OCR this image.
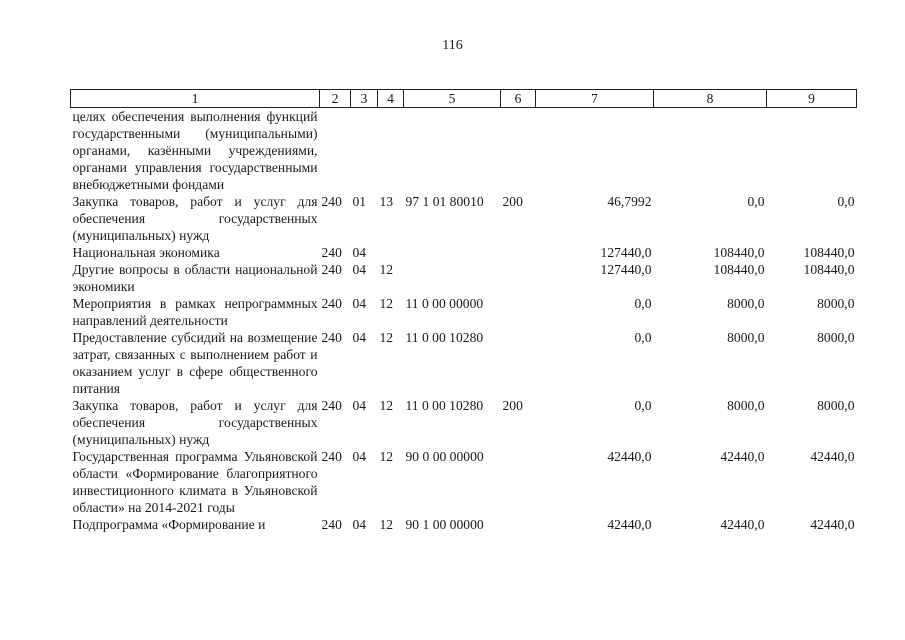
116
1	2	3	4	5	6	7	8	9
целях обеспечения выполнения функций государственными (муниципальными) органами, казёнными учреждениями, органами управления государственными внебюджетными фондами								
Закупка товаров, работ и услуг для обеспечения государственных (муниципальных) нужд	240	01	13	97 1 01 80010	200	46,7992	0,0	0,0
Национальная экономика	240	04				127440,0	108440,0	108440,0
Другие вопросы в области национальной экономики	240	04	12			127440,0	108440,0	108440,0
Мероприятия в рамках непрограммных направлений деятельности	240	04	12	11 0 00 00000		0,0	8000,0	8000,0
Предоставление субсидий на возмещение затрат, связанных с выполнением работ и оказанием услуг в сфере общественного питания	240	04	12	11 0 00 10280		0,0	8000,0	8000,0
Закупка товаров, работ и услуг для обеспечения государственных (муниципальных) нужд	240	04	12	11 0 00 10280	200	0,0	8000,0	8000,0
Государственная программа Ульяновской области «Формирование благоприятного инвестиционного климата в Ульяновской области» на 2014-2021 годы	240	04	12	90 0 00 00000		42440,0	42440,0	42440,0
Подпрограмма «Формирование и	240	04	12	90 1 00 00000		42440,0	42440,0	42440,0
